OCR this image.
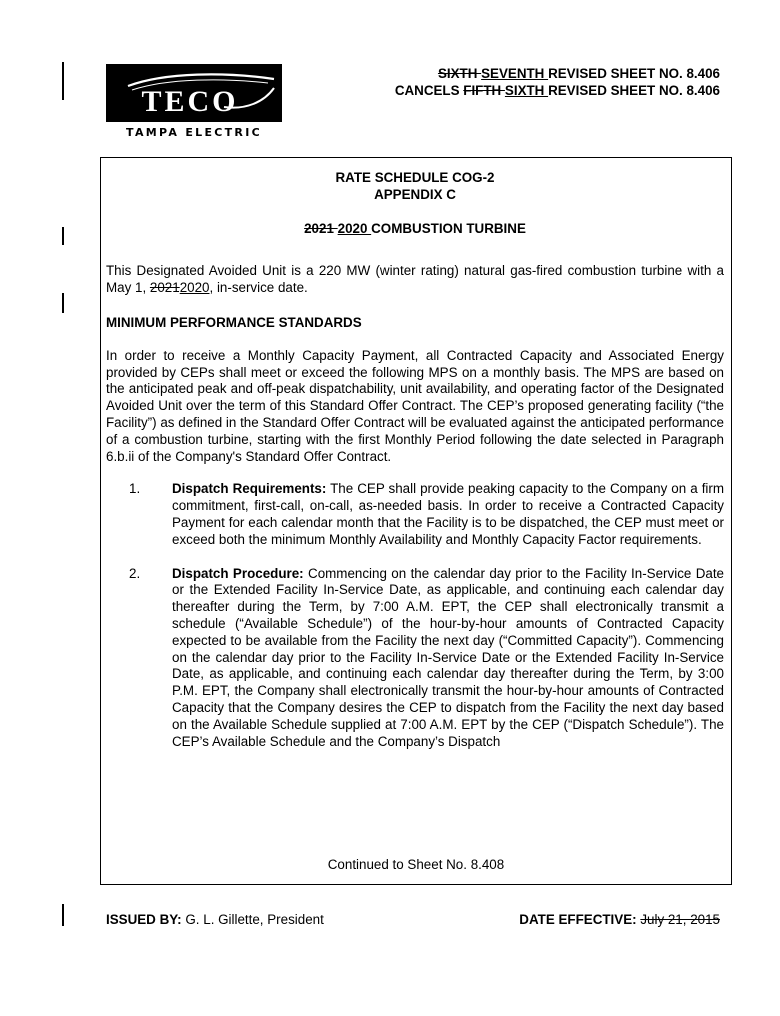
TECO
TAMPA ELECTRIC
SIXTH SEVENTH REVISED SHEET NO. 8.406
CANCELS FIFTH SIXTH REVISED SHEET NO. 8.406
RATE SCHEDULE COG-2
APPENDIX C
2021 2020 COMBUSTION TURBINE
This Designated Avoided Unit is a 220 MW (winter rating) natural gas-fired combustion turbine with a May 1, 20212020, in-service date.
MINIMUM PERFORMANCE STANDARDS
In order to receive a Monthly Capacity Payment, all Contracted Capacity and Associated Energy provided by CEPs shall meet or exceed the following MPS on a monthly basis. The MPS are based on the anticipated peak and off-peak dispatchability, unit availability, and operating factor of the Designated Avoided Unit over the term of this Standard Offer Contract. The CEP’s proposed generating facility (“the Facility”) as defined in the Standard Offer Contract will be evaluated against the anticipated performance of a combustion turbine, starting with the first Monthly Period following the date selected in Paragraph 6.b.ii of the Company's Standard Offer Contract.
1. Dispatch Requirements: The CEP shall provide peaking capacity to the Company on a firm commitment, first-call, on-call, as-needed basis. In order to receive a Contracted Capacity Payment for each calendar month that the Facility is to be dispatched, the CEP must meet or exceed both the minimum Monthly Availability and Monthly Capacity Factor requirements.
2. Dispatch Procedure: Commencing on the calendar day prior to the Facility In-Service Date or the Extended Facility In-Service Date, as applicable, and continuing each calendar day thereafter during the Term, by 7:00 A.M. EPT, the CEP shall electronically transmit a schedule (“Available Schedule”) of the hour-by-hour amounts of Contracted Capacity expected to be available from the Facility the next day (“Committed Capacity”). Commencing on the calendar day prior to the Facility In-Service Date or the Extended Facility In-Service Date, as applicable, and continuing each calendar day thereafter during the Term, by 3:00 P.M. EPT, the Company shall electronically transmit the hour-by-hour amounts of Contracted Capacity that the Company desires the CEP to dispatch from the Facility the next day based on the Available Schedule supplied at 7:00 A.M. EPT by the CEP (“Dispatch Schedule”). The CEP’s Available Schedule and the Company’s Dispatch
Continued to Sheet No. 8.408
ISSUED BY: G. L. Gillette, President	DATE EFFECTIVE: July 21, 2015
